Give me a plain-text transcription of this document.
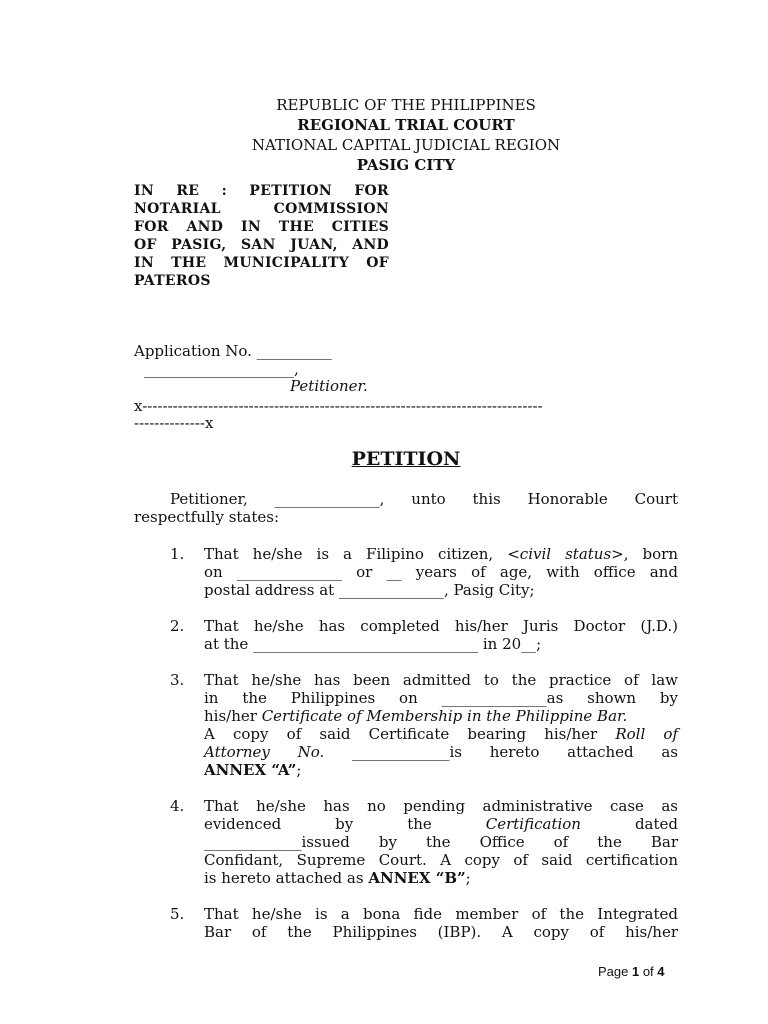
REPUBLIC OF THE PHILIPPINES
REGIONAL TRIAL COURT
NATIONAL CAPITAL JUDICIAL REGION
PASIG CITY
IN RE : PETITION FOR
NOTARIAL COMMISSION
FOR AND IN THE CITIES
OF PASIG, SAN JUAN, AND
IN THE MUNICIPALITY OF
PATEROS
Application No. __________
____________________,
Petitioner.
x-------------------------------------------------------------------------------
--------------x
PETITION
Petitioner, ______________, unto this Honorable Court
respectfully states:
1. That he/she is a Filipino citizen, <civil status>, born
on ______________ or __ years of age, with office and
postal address at ______________, Pasig City;
2. That he/she has completed his/her Juris Doctor (J.D.)
at the ______________________________ in 20__;
3. That he/she has been admitted to the practice of law
in the Philippines on ______________as shown by
his/her Certificate of Membership in the Philippine Bar.
A copy of said Certificate bearing his/her Roll of
Attorney No. _____________is hereto attached as
ANNEX “A”;
4. That he/she has no pending administrative case as
evidenced by the Certification dated
_____________issued by the Office of the Bar
Confidant, Supreme Court. A copy of said certification
is hereto attached as ANNEX “B”;
5. That he/she is a bona fide member of the Integrated
Bar of the Philippines (IBP). A copy of his/her
Page 1 of 4
